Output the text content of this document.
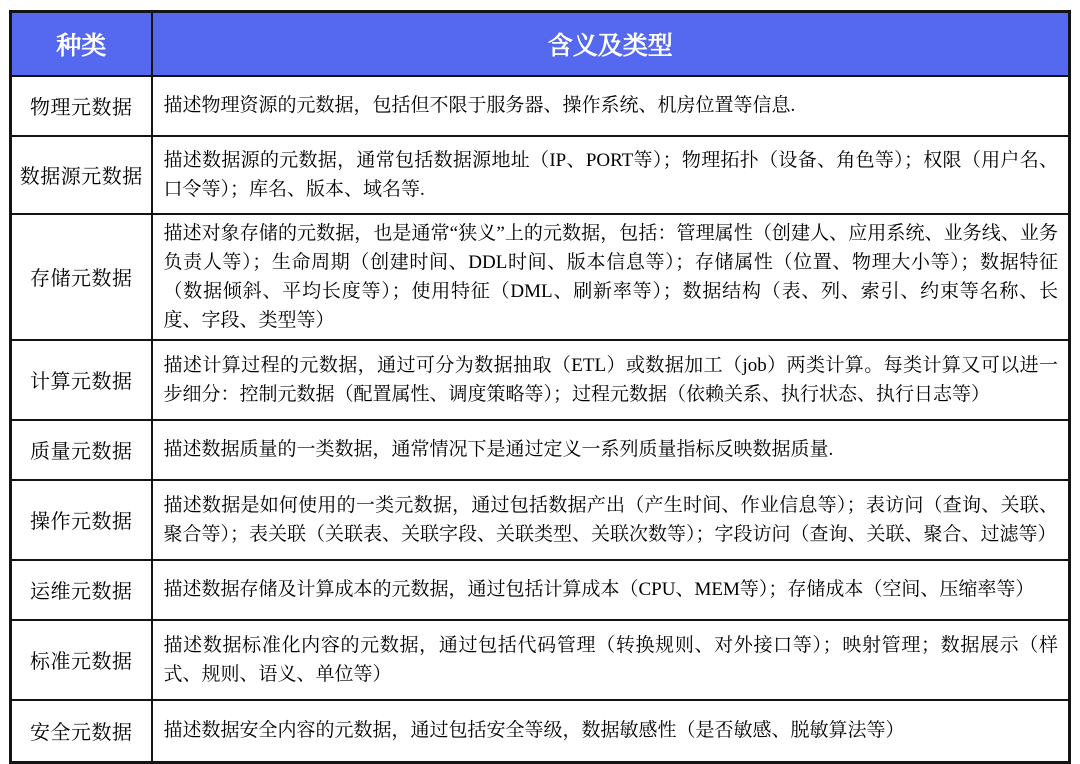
种类	含义及类型
物理元数据	描述物理资源的元数据，包括但不限于服务器、操作系统、机房位置等信息.
数据源元数据	描述数据源的元数据，通常包括数据源地址（IP、PORT等）；物理拓扑（设备、角色等）；权限（用户名、口令等）；库名、版本、域名等.
存储元数据	描述对象存储的元数据，也是通常“狭义”上的元数据，包括：管理属性（创建人、应用系统、业务线、业务负责人等）；生命周期（创建时间、DDL时间、版本信息等）；存储属性（位置、物理大小等）；数据特征（数据倾斜、平均长度等）；使用特征（DML、刷新率等）；数据结构（表、列、索引、约束等名称、长度、字段、类型等）
计算元数据	描述计算过程的元数据，通过可分为数据抽取（ETL）或数据加工（job）两类计算。每类计算又可以进一步细分：控制元数据（配置属性、调度策略等）；过程元数据（依赖关系、执行状态、执行日志等）
质量元数据	描述数据质量的一类数据，通常情况下是通过定义一系列质量指标反映数据质量.
操作元数据	描述数据是如何使用的一类元数据，通过包括数据产出（产生时间、作业信息等）；表访问（查询、关联、聚合等）；表关联（关联表、关联字段、关联类型、关联次数等）；字段访问（查询、关联、聚合、过滤等）
运维元数据	描述数据存储及计算成本的元数据，通过包括计算成本（CPU、MEM等）；存储成本（空间、压缩率等）
标准元数据	描述数据标准化内容的元数据，通过包括代码管理（转换规则、对外接口等）；映射管理；数据展示（样式、规则、语义、单位等）
安全元数据	描述数据安全内容的元数据，通过包括安全等级，数据敏感性（是否敏感、脱敏算法等）
